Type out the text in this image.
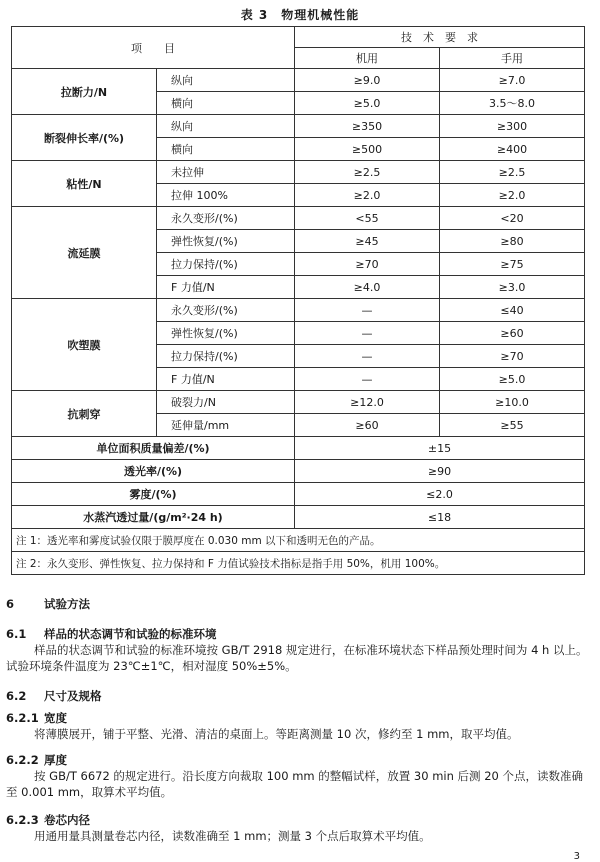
表 3　物理机械性能
项　　目		技　术　要　求	
		机用	手用
拉断力/N	纵向	≥9.0	≥7.0
	横向	≥5.0	3.5～8.0
断裂伸长率/(%)	纵向	≥350	≥300
	横向	≥500	≥400
粘性/N	未拉伸	≥2.5	≥2.5
	拉伸 100%	≥2.0	≥2.0
流延膜	永久变形/(%)	<55	<20
	弹性恢复/(%)	≥45	≥80
	拉力保持/(%)	≥70	≥75
	F 力值/N	≥4.0	≥3.0
吹塑膜	永久变形/(%)	—	≤40
	弹性恢复/(%)	—	≥60
	拉力保持/(%)	—	≥70
	F 力值/N	—	≥5.0
抗刺穿	破裂力/N	≥12.0	≥10.0
	延伸量/mm	≥60	≥55
单位面积质量偏差/(%)		±15	
透光率/(%)		≥90	
雾度/(%)		≤2.0	
水蒸汽透过量/(g/m²·24 h)		≤18	
注 1：透光率和雾度试验仅限于膜厚度在 0.030 mm 以下和透明无色的产品。			
注 2：永久变形、弹性恢复、拉力保持和 F 力值试验技术指标是指手用 50%，机用 100%。			
6	试验方法
6.1 样品的状态调节和试验的标准环境
样品的状态调节和试验的标准环境按 GB/T 2918 规定进行，在标准环境状态下样品预处理时间为 4 h 以上。试验环境条件温度为 23℃±1℃，相对湿度 50%±5%。
6.2 尺寸及规格
6.2.1 宽度
将薄膜展开，铺于平整、光滑、清洁的桌面上。等距离测量 10 次，修约至 1 mm，取平均值。
6.2.2 厚度
按 GB/T 6672 的规定进行。沿长度方向裁取 100 mm 的整幅试样，放置 30 min 后测 20 个点，读数准确至 0.001 mm，取算术平均值。
6.2.3 卷芯内径
用通用量具测量卷芯内径，读数准确至 1 mm；测量 3 个点后取算术平均值。
3
